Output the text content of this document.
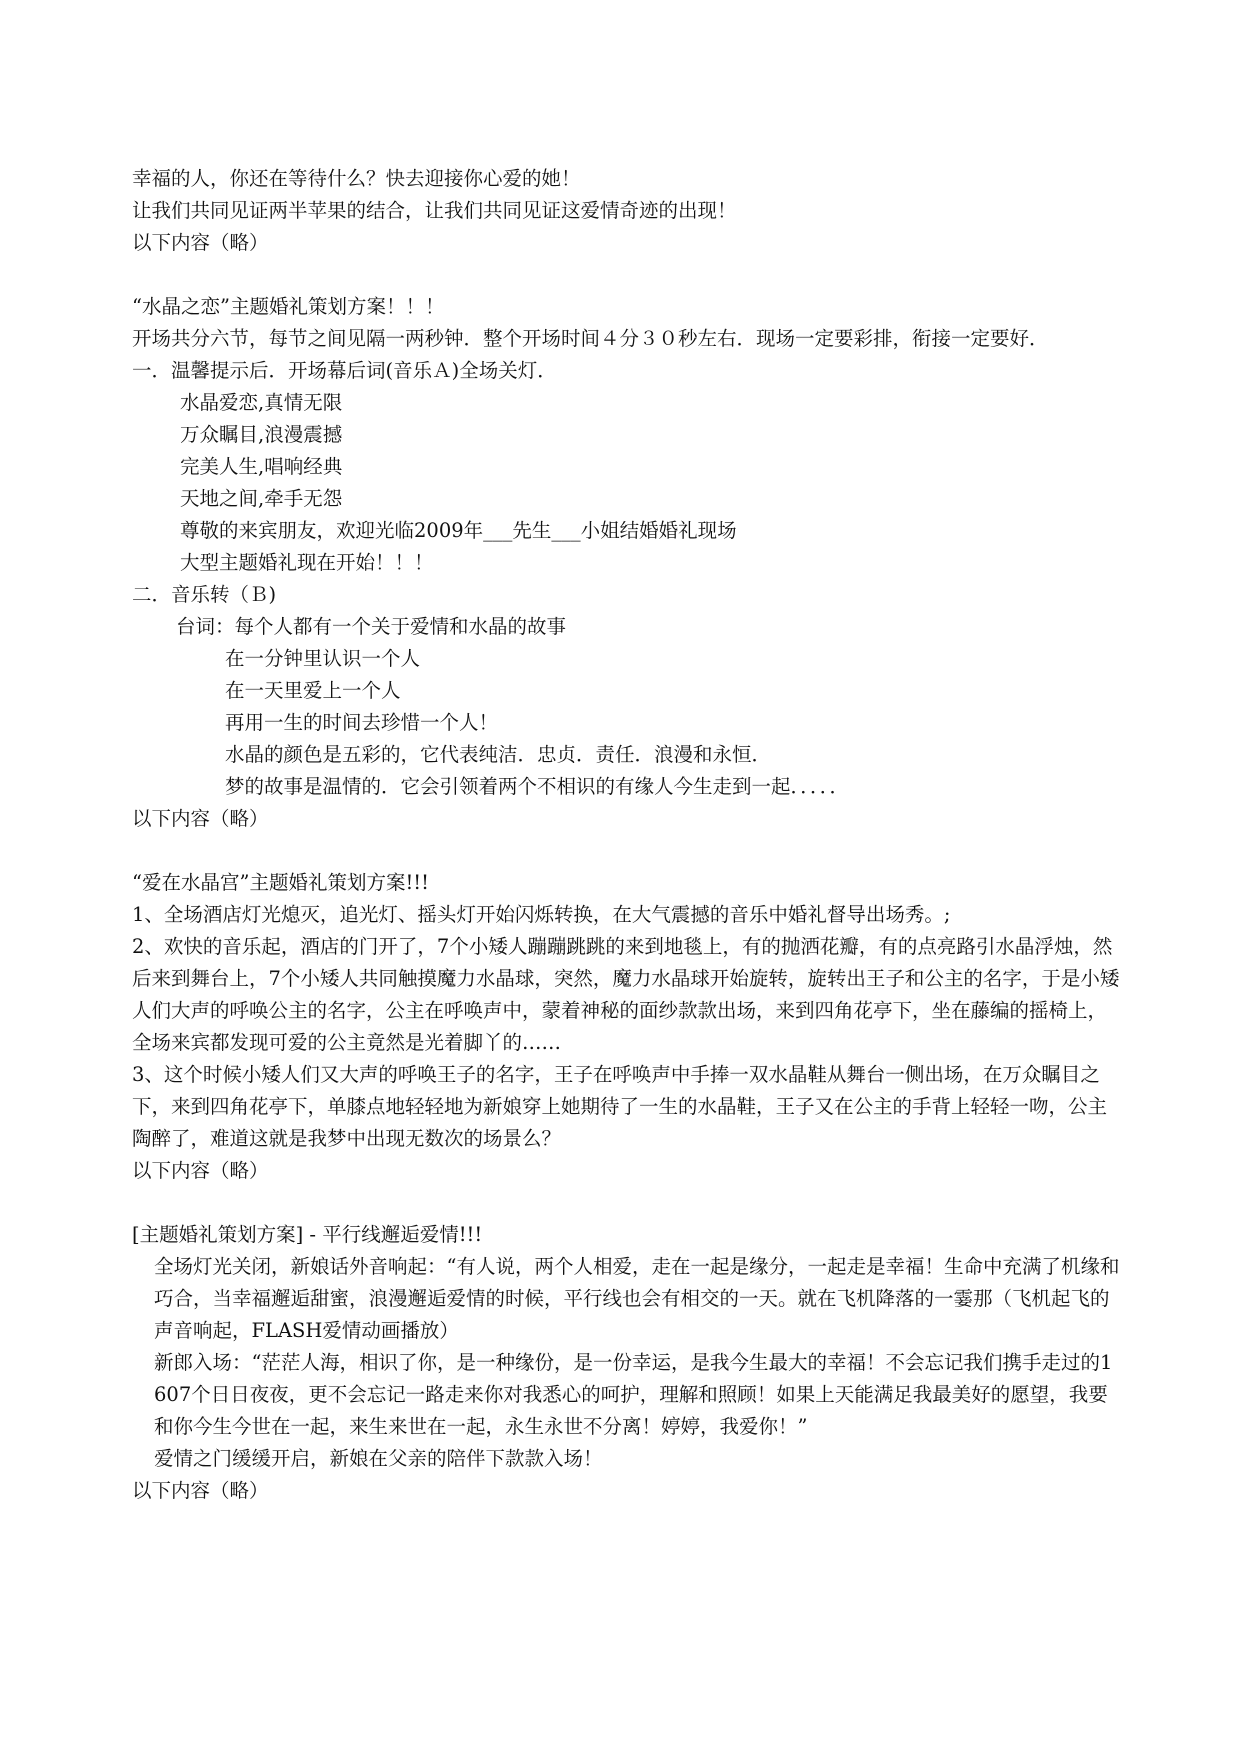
幸福的人，你还在等待什么？快去迎接你心爱的她！
让我们共同见证两半苹果的结合，让我们共同见证这爱情奇迹的出现！
以下内容（略）
“水晶之恋”主题婚礼策划方案！！！
开场共分六节，每节之间见隔一两秒钟．整个开场时间４分３０秒左右．现场一定要彩排，衔接一定要好．
一．温馨提示后．开场幕后词(音乐Ａ)全场关灯．
水晶爱恋,真情无限
万众瞩目,浪漫震撼
完美人生,唱响经典
天地之间,牵手无怨
尊敬的来宾朋友，欢迎光临2009年___先生___小姐结婚婚礼现场
大型主题婚礼现在开始！！！
二．音乐转（Ｂ)
台词：每个人都有一个关于爱情和水晶的故事
在一分钟里认识一个人
在一天里爱上一个人
再用一生的时间去珍惜一个人！
水晶的颜色是五彩的，它代表纯洁．忠贞．责任．浪漫和永恒．
梦的故事是温情的．它会引领着两个不相识的有缘人今生走到一起．．．．．
以下内容（略）
“爱在水晶宫”主题婚礼策划方案!!!
1、全场酒店灯光熄灭，追光灯、摇头灯开始闪烁转换，在大气震撼的音乐中婚礼督导出场秀。;
2、欢快的音乐起，酒店的门开了，7个小矮人蹦蹦跳跳的来到地毯上，有的抛洒花瓣，有的点亮路引水晶浮烛，然后来到舞台上，7个小矮人共同触摸魔力水晶球，突然，魔力水晶球开始旋转，旋转出王子和公主的名字，于是小矮人们大声的呼唤公主的名字，公主在呼唤声中，蒙着神秘的面纱款款出场，来到四角花亭下，坐在藤编的摇椅上，全场来宾都发现可爱的公主竟然是光着脚丫的……
3、这个时候小矮人们又大声的呼唤王子的名字，王子在呼唤声中手捧一双水晶鞋从舞台一侧出场，在万众瞩目之下，来到四角花亭下，单膝点地轻轻地为新娘穿上她期待了一生的水晶鞋，王子又在公主的手背上轻轻一吻，公主陶醉了，难道这就是我梦中出现无数次的场景么？
以下内容（略）
[主题婚礼策划方案] - 平行线邂逅爱情!!!
全场灯光关闭，新娘话外音响起：“有人说，两个人相爱，走在一起是缘分，一起走是幸福！生命中充满了机缘和巧合，当幸福邂逅甜蜜，浪漫邂逅爱情的时候，平行线也会有相交的一天。就在飞机降落的一霎那（飞机起飞的声音响起，FLASH爱情动画播放）
新郎入场：“茫茫人海，相识了你，是一种缘份，是一份幸运，是我今生最大的幸福！不会忘记我们携手走过的1607个日日夜夜，更不会忘记一路走来你对我悉心的呵护，理解和照顾！如果上天能满足我最美好的愿望，我要和你今生今世在一起，来生来世在一起，永生永世不分离！婷婷，我爱你！”
爱情之门缓缓开启，新娘在父亲的陪伴下款款入场！
以下内容（略）
